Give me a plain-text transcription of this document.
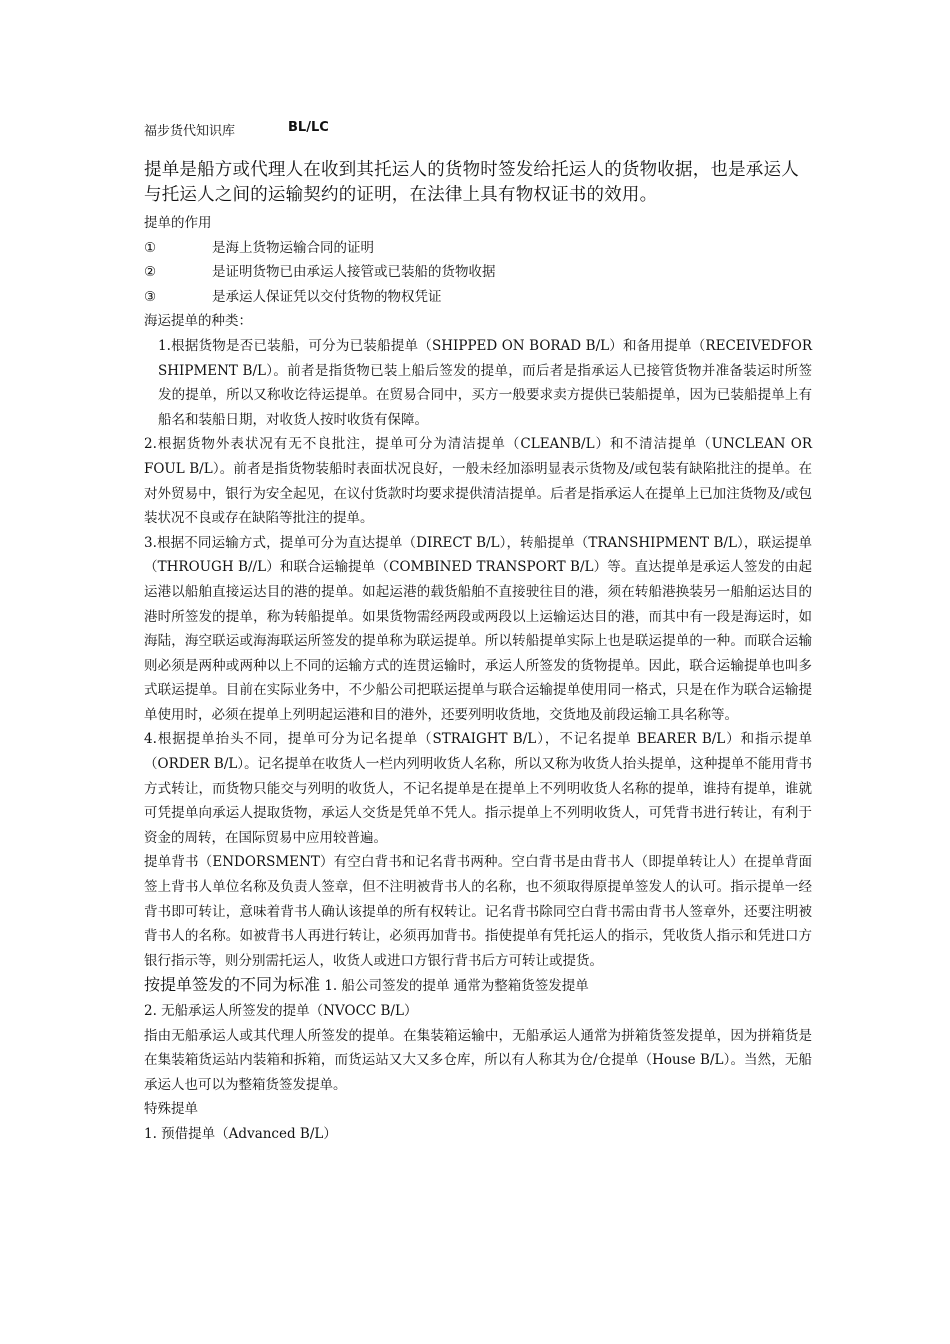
福步货代知识库	BL/LC
提单是船方或代理人在收到其托运人的货物时签发给托运人的货物收据，也是承运人与托运人之间的运输契约的证明，在法律上具有物权证书的效用。

提单的作用

①	是海上货物运输合同的证明

②	是证明货物已由承运人接管或已装船的货物收据

③	是承运人保证凭以交付货物的物权凭证

海运提单的种类：

1.根据货物是否已装船，可分为已装船提单（SHIPPED ON BORAD B/L）和备用提单（RECEIVEDFOR SHIPMENT B/L）。前者是指货物已装上船后签发的提单，而后者是指承运人已接管货物并准备装运时所签发的提单，所以又称收讫待运提单。在贸易合同中，买方一般要求卖方提供已装船提单，因为已装船提单上有船名和装船日期，对收货人按时收货有保障。

2.根据货物外表状况有无不良批注，提单可分为清洁提单（CLEANB/L）和不清洁提单（UNCLEAN OR FOUL B/L）。前者是指货物装船时表面状况良好，一般未经加添明显表示货物及/或包装有缺陷批注的提单。在对外贸易中，银行为安全起见，在议付货款时均要求提供清洁提单。后者是指承运人在提单上已加注货物及/或包装状况不良或存在缺陷等批注的提单。

3.根据不同运输方式，提单可分为直达提单（DIRECT B/L），转船提单（TRANSHIPMENT B/L），联运提单（THROUGH B//L）和联合运输提单（COMBINED TRANSPORT B/L）等。直达提单是承运人签发的由起运港以船舶直接运达目的港的提单。如起运港的载货船舶不直接驶往目的港，须在转船港换装另一船舶运达目的港时所签发的提单，称为转船提单。如果货物需经两段或两段以上运输运达目的港，而其中有一段是海运时，如海陆，海空联运或海海联运所签发的提单称为联运提单。所以转船提单实际上也是联运提单的一种。而联合运输则必须是两种或两种以上不同的运输方式的连贯运输时，承运人所签发的货物提单。因此，联合运输提单也叫多式联运提单。目前在实际业务中，不少船公司把联运提单与联合运输提单使用同一格式，只是在作为联合运输提单使用时，必须在提单上列明起运港和目的港外，还要列明收货地，交货地及前段运输工具名称等。

4.根据提单抬头不同，提单可分为记名提单（STRAIGHT B/L），不记名提单 BEARER B/L）和指示提单（ORDER B/L）。记名提单在收货人一栏内列明收货人名称，所以又称为收货人抬头提单，这种提单不能用背书方式转让，而货物只能交与列明的收货人，不记名提单是在提单上不列明收货人名称的提单，谁持有提单，谁就可凭提单向承运人提取货物，承运人交货是凭单不凭人。指示提单上不列明收货人，可凭背书进行转让，有利于资金的周转，在国际贸易中应用较普遍。

提单背书（ENDORSMENT）有空白背书和记名背书两种。空白背书是由背书人（即提单转让人）在提单背面签上背书人单位名称及负责人签章，但不注明被背书人的名称，也不须取得原提单签发人的认可。指示提单一经背书即可转让，意味着背书人确认该提单的所有权转让。记名背书除同空白背书需由背书人签章外，还要注明被背书人的名称。如被背书人再进行转让，必须再加背书。指使提单有凭托运人的指示，凭收货人指示和凭进口方银行指示等，则分别需托运人，收货人或进口方银行背书后方可转让或提货。

按提单签发的不同为标准 1. 船公司签发的提单 通常为整箱货签发提单

2. 无船承运人所签发的提单（NVOCC B/L）

指由无船承运人或其代理人所签发的提单。在集装箱运输中，无船承运人通常为拼箱货签发提单，因为拼箱货是在集装箱货运站内装箱和拆箱，而货运站又大又多仓库，所以有人称其为仓/仓提单（House B/L）。当然，无船承运人也可以为整箱货签发提单。

特殊提单

1. 预借提单（Advanced B/L）
